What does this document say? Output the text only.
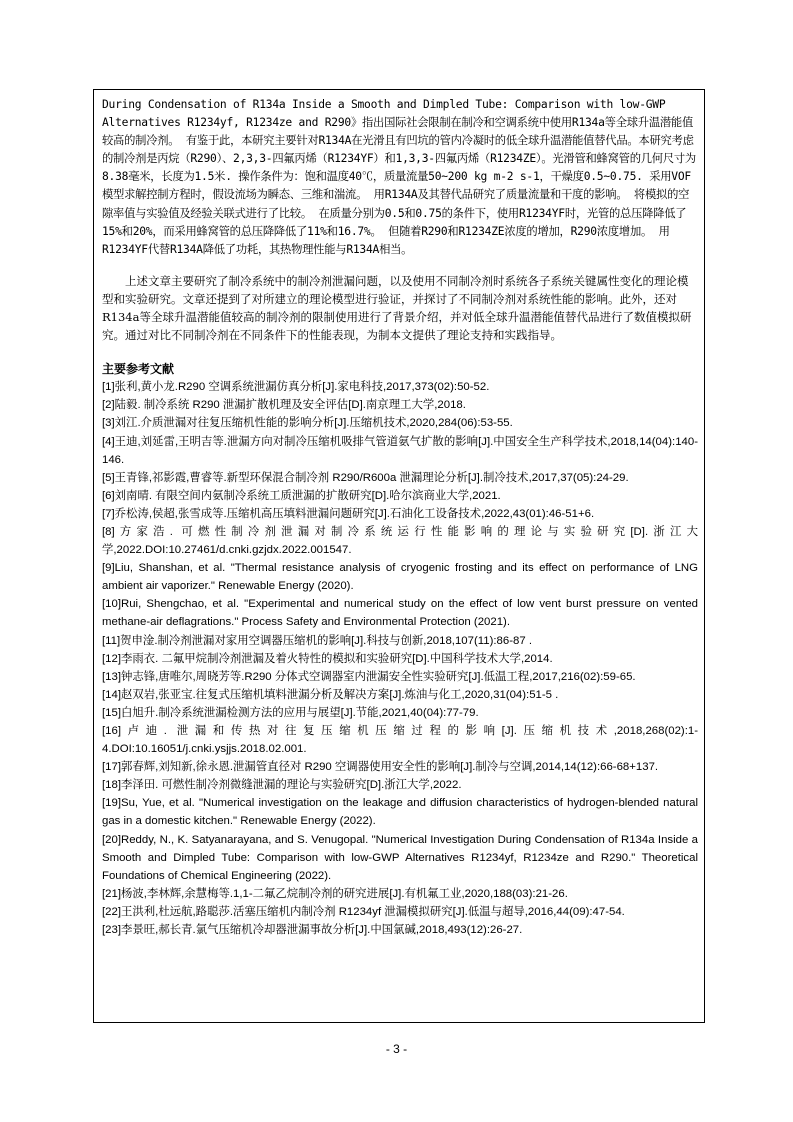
During Condensation of R134a Inside a Smooth and Dimpled Tube: Comparison with low-GWP Alternatives R1234yf, R1234ze and R290》指出国际社会限制在制冷和空调系统中使用R134a等全球升温潜能值较高的制冷剂。 有鉴于此，本研究主要针对R134A在光滑且有凹坑的管内冷凝时的低全球升温潜能值替代品。本研究考虑的制冷剂是丙烷（R290）、2,3,3-四氟丙烯（R1234YF）和1,3,3-四氟丙烯（R1234ZE）。光滑管和蜂窝管的几何尺寸为8.38毫米，长度为1.5米. 操作条件为：饱和温度40℃，质量流量50~200 kg m-2 s-1，干燥度0.5~0.75. 采用VOF模型求解控制方程时，假设流场为瞬态、三维和湍流。 用R134A及其替代品研究了质量流量和干度的影响。 将模拟的空隙率值与实验值及经验关联式进行了比较。 在质量分别为0.5和0.75的条件下，使用R1234YF时，光管的总压降降低了15%和20%，而采用蜂窝管的总压降降低了11%和16.7%。 但随着R290和R1234ZE浓度的增加，R290浓度增加。 用R1234YF代替R134A降低了功耗，其热物理性能与R134A相当。

上述文章主要研究了制冷系统中的制冷剂泄漏问题，以及使用不同制冷剂时系统各子系统关键属性变化的理论模型和实验研究。文章还提到了对所建立的理论模型进行验证，并探讨了不同制冷剂对系统性能的影响。此外，还对R134a等全球升温潜能值较高的制冷剂的限制使用进行了背景介绍，并对低全球升温潜能值替代品进行了数值模拟研究。通过对比不同制冷剂在不同条件下的性能表现，为制本文提供了理论支持和实践指导。

主要参考文献
[1]张利,黄小龙.R290 空调系统泄漏仿真分析[J].家电科技,2017,373(02):50-52.
[2]陆毅. 制冷系统 R290 泄漏扩散机理及安全评估[D].南京理工大学,2018.
[3]刘江.介质泄漏对往复压缩机性能的影响分析[J].压缩机技术,2020,284(06):53-55.
[4]王迪,刘延雷,王明吉等.泄漏方向对制冷压缩机吸排气管道氨气扩散的影响[J].中国安全生产科学技术,2018,14(04):140-146.
[5]王青锋,祁影霞,曹睿等.新型环保混合制冷剂 R290/R600a 泄漏理论分析[J].制冷技术,2017,37(05):24-29.
[6]刘南晴. 有限空间内氨制冷系统工质泄漏的扩散研究[D].哈尔滨商业大学,2021.
[7]乔松涛,侯超,张雪成等.压缩机高压填料泄漏问题研究[J].石油化工设备技术,2022,43(01):46-51+6.
[8]方家浩. 可燃性制冷剂泄漏对制冷系统运行性能影响的理论与实验研究[D].浙江大学,2022.DOI:10.27461/d.cnki.gzjdx.2022.001547.
[9]Liu, Shanshan, et al. "Thermal resistance analysis of cryogenic frosting and its effect on performance of LNG ambient air vaporizer." Renewable Energy (2020).
[10]Rui, Shengchao, et al. "Experimental and numerical study on the effect of low vent burst pressure on vented methane-air deflagrations." Process Safety and Environmental Protection (2021).
[11]贺申淦.制冷剂泄漏对家用空调器压缩机的影响[J].科技与创新,2018,107(11):86-87 .
[12]李雨衣. 二氟甲烷制冷剂泄漏及着火特性的模拟和实验研究[D].中国科学技术大学,2014.
[13]钟志锋,唐唯尔,周晓芳等.R290 分体式空调器室内泄漏安全性实验研究[J].低温工程,2017,216(02):59-65.
[14]赵双岩,张亚宝.往复式压缩机填料泄漏分析及解决方案[J].炼油与化工,2020,31(04):51-5 .
[15]白旭升.制冷系统泄漏检测方法的应用与展望[J].节能,2021,40(04):77-79.
[16]卢迪. 泄漏和传热对往复压缩机压缩过程的影响[J].压缩机技术,2018,268(02):1-4.DOI:10.16051/j.cnki.ysjjs.2018.02.001.
[17]郭春辉,刘知新,徐永恩.泄漏管直径对 R290 空调器使用安全性的影响[J].制冷与空调,2014,14(12):66-68+137.
[18]李泽田. 可燃性制冷剂微缝泄漏的理论与实验研究[D].浙江大学,2022.
[19]Su, Yue, et al. "Numerical investigation on the leakage and diffusion characteristics of hydrogen-blended natural gas in a domestic kitchen." Renewable Energy (2022).
[20]Reddy, N., K. Satyanarayana, and S. Venugopal. "Numerical Investigation During Condensation of R134a Inside a Smooth and Dimpled Tube: Comparison with low-GWP Alternatives R1234yf, R1234ze and R290." Theoretical Foundations of Chemical Engineering (2022).
[21]杨波,李林辉,余慧梅等.1,1-二氟乙烷制冷剂的研究进展[J].有机氟工业,2020,188(03):21-26.
[22]王洪利,杜远航,路聪莎.活塞压缩机内制冷剂 R1234yf 泄漏模拟研究[J].低温与超导,2016,44(09):47-54.
[23]李景旺,郝长青.氯气压缩机冷却器泄漏事故分析[J].中国氯碱,2018,493(12):26-27.
- 3 -
